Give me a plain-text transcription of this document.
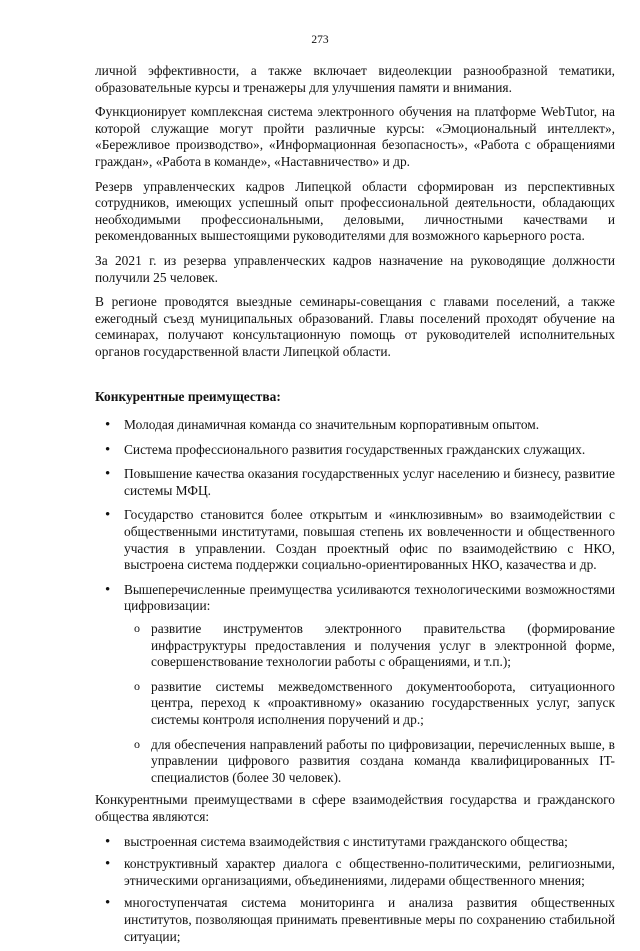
273

личной эффективности, а также включает видеолекции разнообразной тематики, образовательные курсы и тренажеры для улучшения памяти и внимания.

Функционирует комплексная система электронного обучения на платформе WebTutor, на которой служащие могут пройти различные курсы: «Эмоциональный интеллект», «Бережливое производство», «Информационная безопасность», «Работа с обращениями граждан», «Работа в команде», «Наставничество» и др.

Резерв управленческих кадров Липецкой области сформирован из перспективных сотрудников, имеющих успешный опыт профессиональной деятельности, обладающих необходимыми профессиональными, деловыми, личностными качествами и рекомендованных вышестоящими руководителями для возможного карьерного роста.

За 2021 г. из резерва управленческих кадров назначение на руководящие должности получили 25 человек.

В регионе проводятся выездные семинары-совещания с главами поселений, а также ежегодный съезд муниципальных образований. Главы поселений проходят обучение на семинарах, получают консультационную помощь от руководителей исполнительных органов государственной власти Липецкой области.

Конкурентные преимущества:

• Молодая динамичная команда со значительным корпоративным опытом.
• Система профессионального развития государственных гражданских служащих.
• Повышение качества оказания государственных услуг населению и бизнесу, развитие системы МФЦ.
• Государство становится более открытым и «инклюзивным» во взаимодействии с общественными институтами, повышая степень их вовлеченности и общественного участия в управлении. Создан проектный офис по взаимодействию с НКО, выстроена система поддержки социально-ориентированных НКО, казачества и др.
• Вышеперечисленные преимущества усиливаются технологическими возможностями цифровизации:
o развитие инструментов электронного правительства (формирование инфраструктуры предоставления и получения услуг в электронной форме, совершенствование технологии работы с обращениями, и т.п.);
o развитие системы межведомственного документооборота, ситуационного центра, переход к «проактивному» оказанию государственных услуг, запуск системы контроля исполнения поручений и др.;
o для обеспечения направлений работы по цифровизации, перечисленных выше, в управлении цифрового развития создана команда квалифицированных IT-специалистов (более 30 человек).

Конкурентными преимуществами в сфере взаимодействия государства и гражданского общества являются:

• выстроенная система взаимодействия с институтами гражданского общества;
• конструктивный характер диалога с общественно-политическими, религиозными, этническими организациями, объединениями, лидерами общественного мнения;
• многоступенчатая система мониторинга и анализа развития общественных институтов, позволяющая принимать превентивные меры по сохранению стабильной ситуации;
